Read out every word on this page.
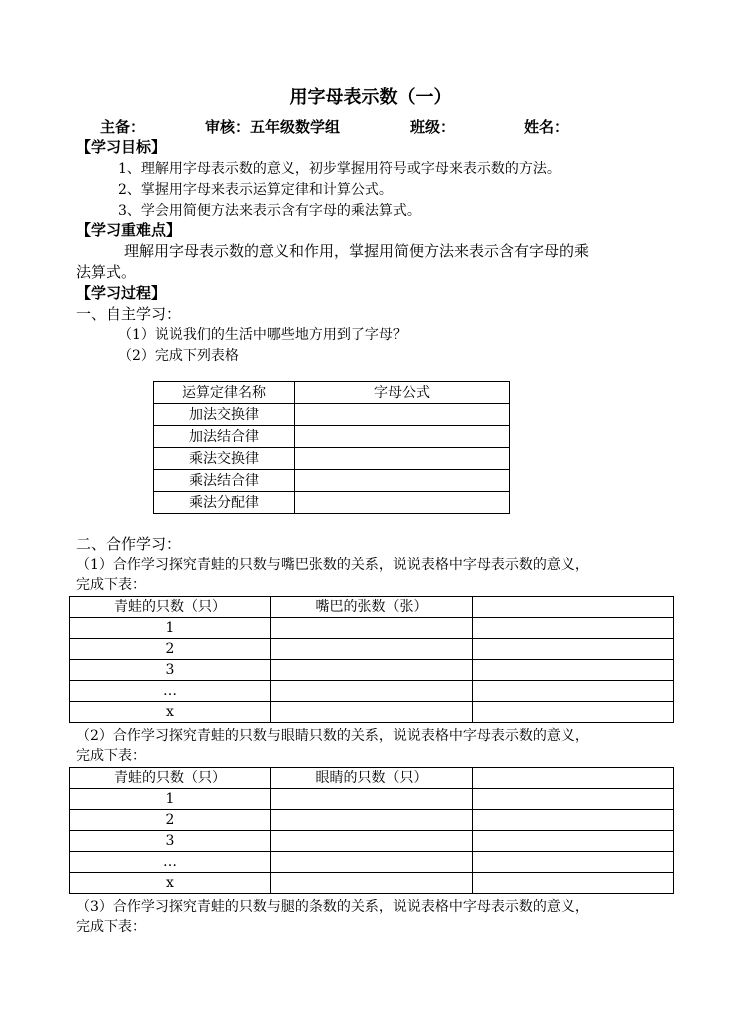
用字母表示数（一）
主备：	审核：五年级数学组	班级：	姓名：
【学习目标】
1、理解用字母表示数的意义，初步掌握用符号或字母来表示数的方法。
2、掌握用字母来表示运算定律和计算公式。
3、学会用简便方法来表示含有字母的乘法算式。
【学习重难点】
理解用字母表示数的意义和作用，掌握用简便方法来表示含有字母的乘
法算式。
【学习过程】
一、自主学习：
（1）说说我们的生活中哪些地方用到了字母？
（2）完成下列表格
运算定律名称	字母公式
加法交换律	
加法结合律	
乘法交换律	
乘法结合律	
乘法分配律	
二、合作学习：
（1）合作学习探究青蛙的只数与嘴巴张数的关系，说说表格中字母表示数的意义，
完成下表：
青蛙的只数（只）	嘴巴的张数（张）	
1		
2		
3		
…		
x		
（2）合作学习探究青蛙的只数与眼睛只数的关系，说说表格中字母表示数的意义，
完成下表：
青蛙的只数（只）	眼睛的只数（只）	
1		
2		
3		
…		
x		
（3）合作学习探究青蛙的只数与腿的条数的关系，说说表格中字母表示数的意义，
完成下表：
